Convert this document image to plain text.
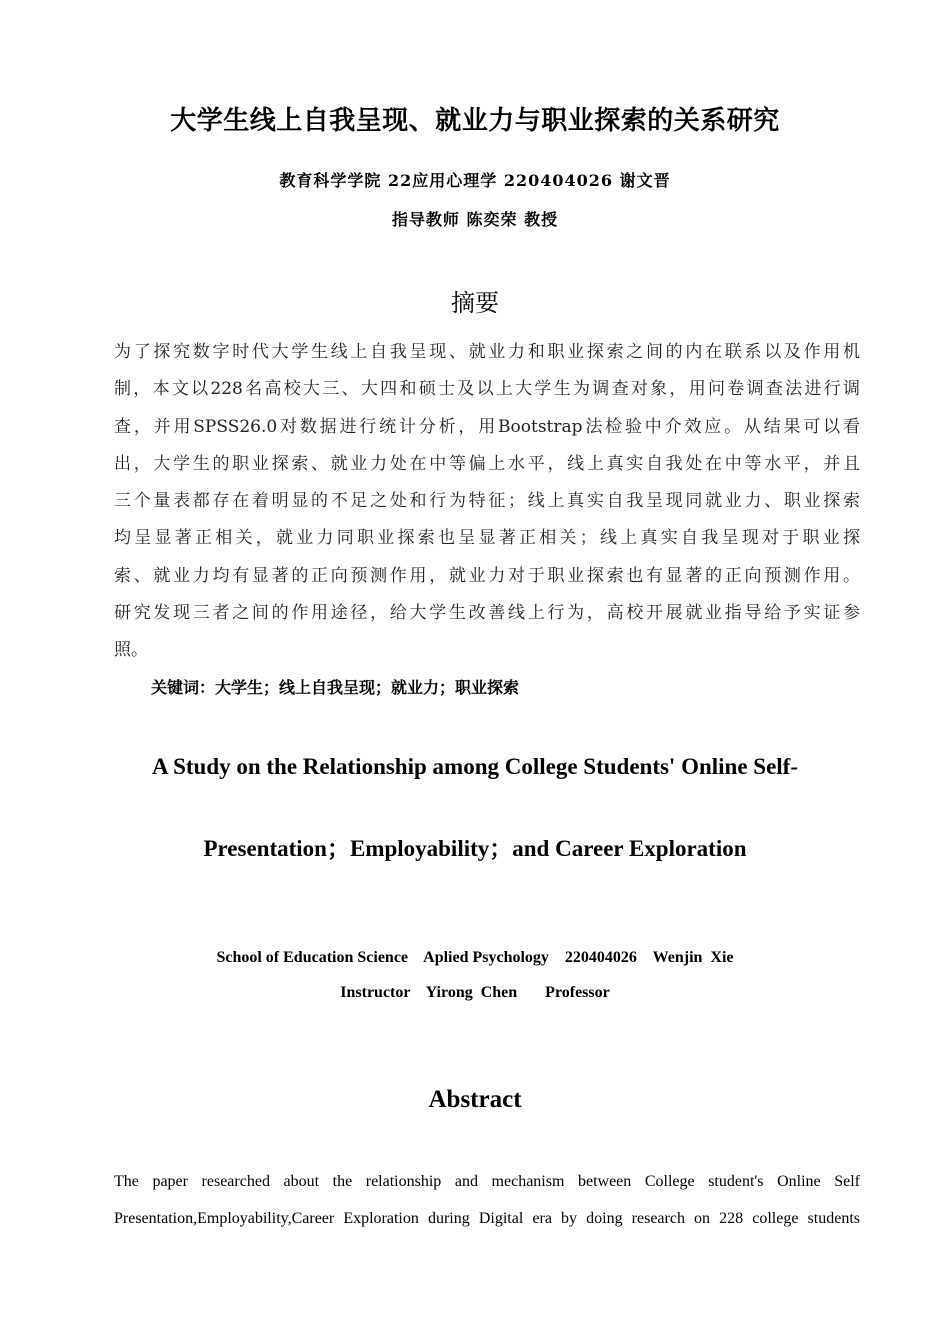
大学生线上自我呈现、就业力与职业探索的关系研究
教育科学学院 22应用心理学 220404026 谢文晋
指导教师 陈奕荣 教授
摘要
为了探究数字时代大学生线上自我呈现、就业力和职业探索之间的内在联系以及作用机
制，本文以228名高校大三、大四和硕士及以上大学生为调查对象，用问卷调查法进行调
查，并用SPSS26.0对数据进行统计分析，用Bootstrap法检验中介效应。从结果可以看
出，大学生的职业探索、就业力处在中等偏上水平，线上真实自我处在中等水平，并且
三个量表都存在着明显的不足之处和行为特征；线上真实自我呈现同就业力、职业探索
均呈显著正相关，就业力同职业探索也呈显著正相关；线上真实自我呈现对于职业探
索、就业力均有显著的正向预测作用，就业力对于职业探索也有显著的正向预测作用。
研究发现三者之间的作用途径，给大学生改善线上行为，高校开展就业指导给予实证参
照。
关键词：大学生；线上自我呈现；就业力；职业探索
A Study on the Relationship among College Students' Online Self-
Presentation；Employability；and Career Exploration
School of Education Science    Aplied Psychology    220404026    Wenjin  Xie
Instructor    Yirong  Chen       Professor
Abstract
The paper researched about the relationship and mechanism between College student's Online Self
Presentation,Employability,Career Exploration during Digital era by doing research on 228 college students
